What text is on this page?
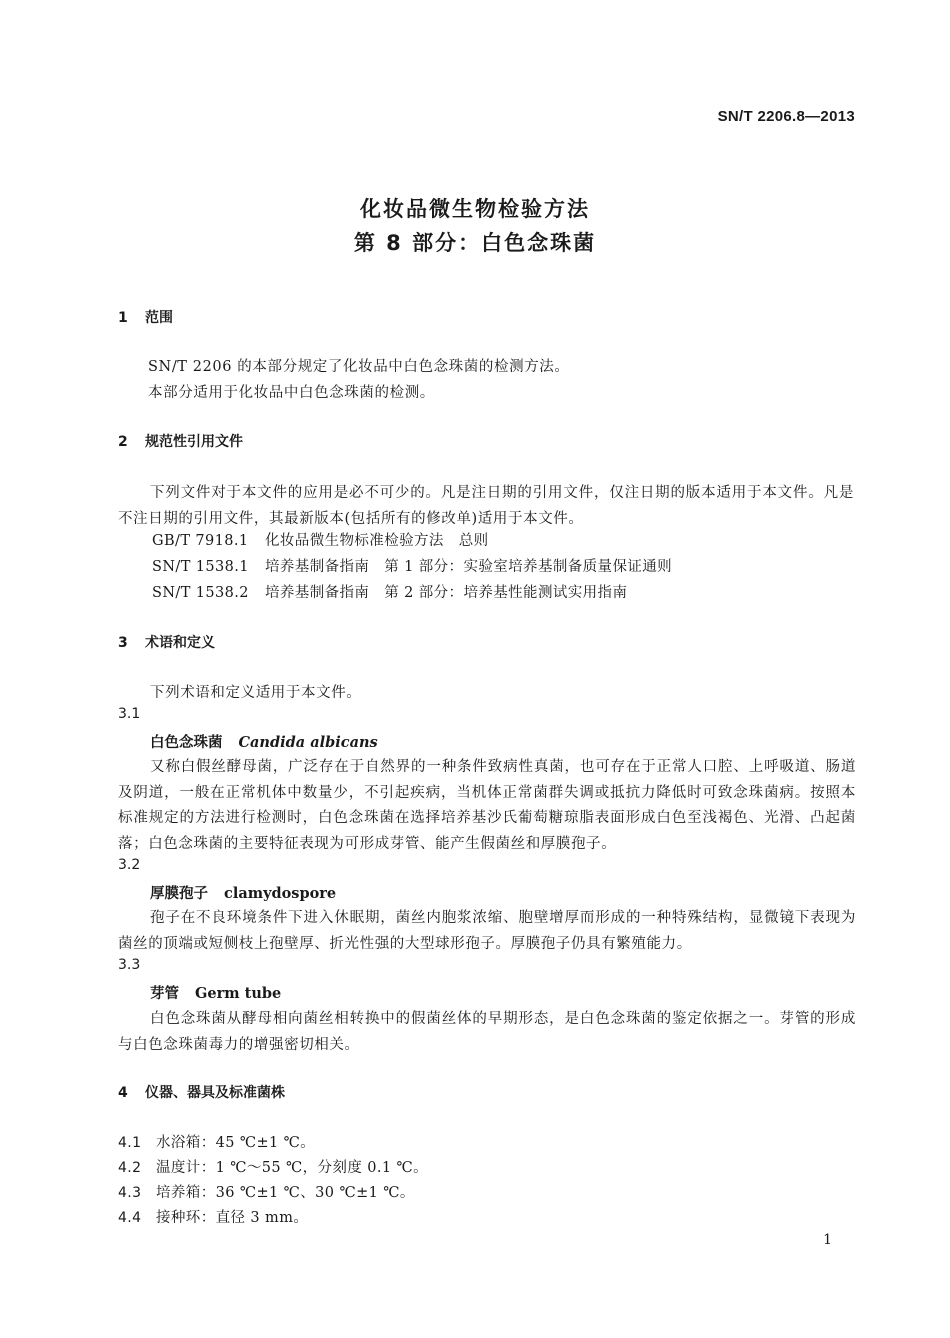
SN/T 2206.8—2013
化妆品微生物检验方法
第 8 部分：白色念珠菌
1 范围
SN/T 2206 的本部分规定了化妆品中白色念珠菌的检测方法。
本部分适用于化妆品中白色念珠菌的检测。
2 规范性引用文件
下列文件对于本文件的应用是必不可少的。凡是注日期的引用文件，仅注日期的版本适用于本文件。凡是不注日期的引用文件，其最新版本(包括所有的修改单)适用于本文件。
GB/T 7918.1 化妆品微生物标准检验方法　总则
SN/T 1538.1 培养基制备指南　第 1 部分：实验室培养基制备质量保证通则
SN/T 1538.2 培养基制备指南　第 2 部分：培养基性能测试实用指南
3 术语和定义
下列术语和定义适用于本文件。
3.1
白色念珠菌 Candida albicans
又称白假丝酵母菌，广泛存在于自然界的一种条件致病性真菌，也可存在于正常人口腔、上呼吸道、肠道及阴道，一般在正常机体中数量少，不引起疾病，当机体正常菌群失调或抵抗力降低时可致念珠菌病。按照本标准规定的方法进行检测时，白色念珠菌在选择培养基沙氏葡萄糖琼脂表面形成白色至浅褐色、光滑、凸起菌落；白色念珠菌的主要特征表现为可形成芽管、能产生假菌丝和厚膜孢子。
3.2
厚膜孢子 clamydospore
孢子在不良环境条件下进入休眠期，菌丝内胞浆浓缩、胞壁增厚而形成的一种特殊结构，显微镜下表现为菌丝的顶端或短侧枝上孢壁厚、折光性强的大型球形孢子。厚膜孢子仍具有繁殖能力。
3.3
芽管 Germ tube
白色念珠菌从酵母相向菌丝相转换中的假菌丝体的早期形态，是白色念珠菌的鉴定依据之一。芽管的形成与白色念珠菌毒力的增强密切相关。
4 仪器、器具及标准菌株
4.1 水浴箱：45 ℃±1 ℃。
4.2 温度计：1 ℃～55 ℃，分刻度 0.1 ℃。
4.3 培养箱：36 ℃±1 ℃、30 ℃±1 ℃。
4.4 接种环：直径 3 mm。
1
